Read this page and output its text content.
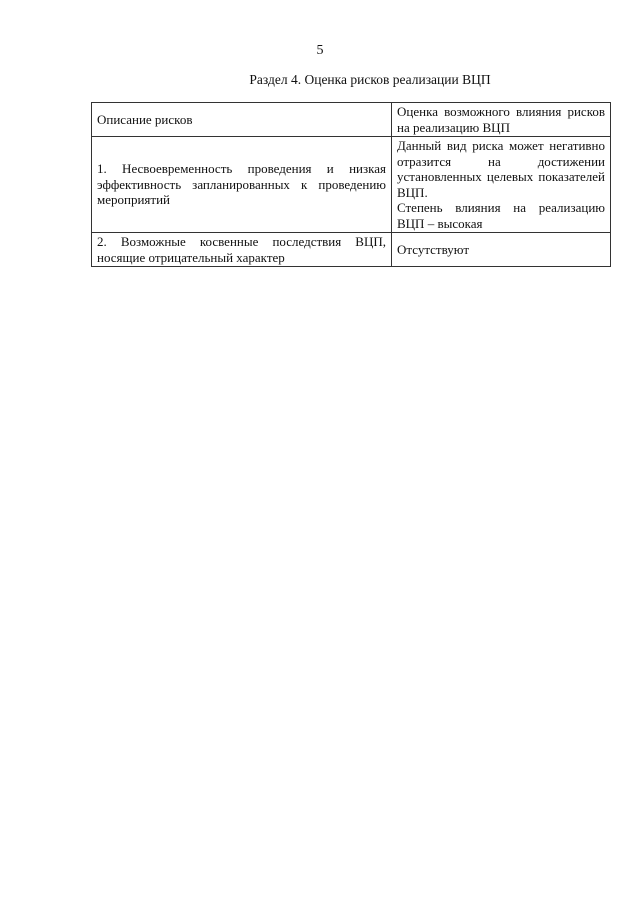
5
Раздел 4. Оценка рисков реализации ВЦП
Описание рисков	Оценка возможного влияния рисков на реализацию ВЦП
1. Несвоевременность проведения и низкая эффективность запланированных к проведению мероприятий	Данный вид риска может негативно отразится на достижении установленных целевых показателей ВЦП.

Степень влияния на реализацию ВЦП – высокая

2. Возможные косвенные последствия ВЦП, носящие отрицательный характер	Отсутствуют
